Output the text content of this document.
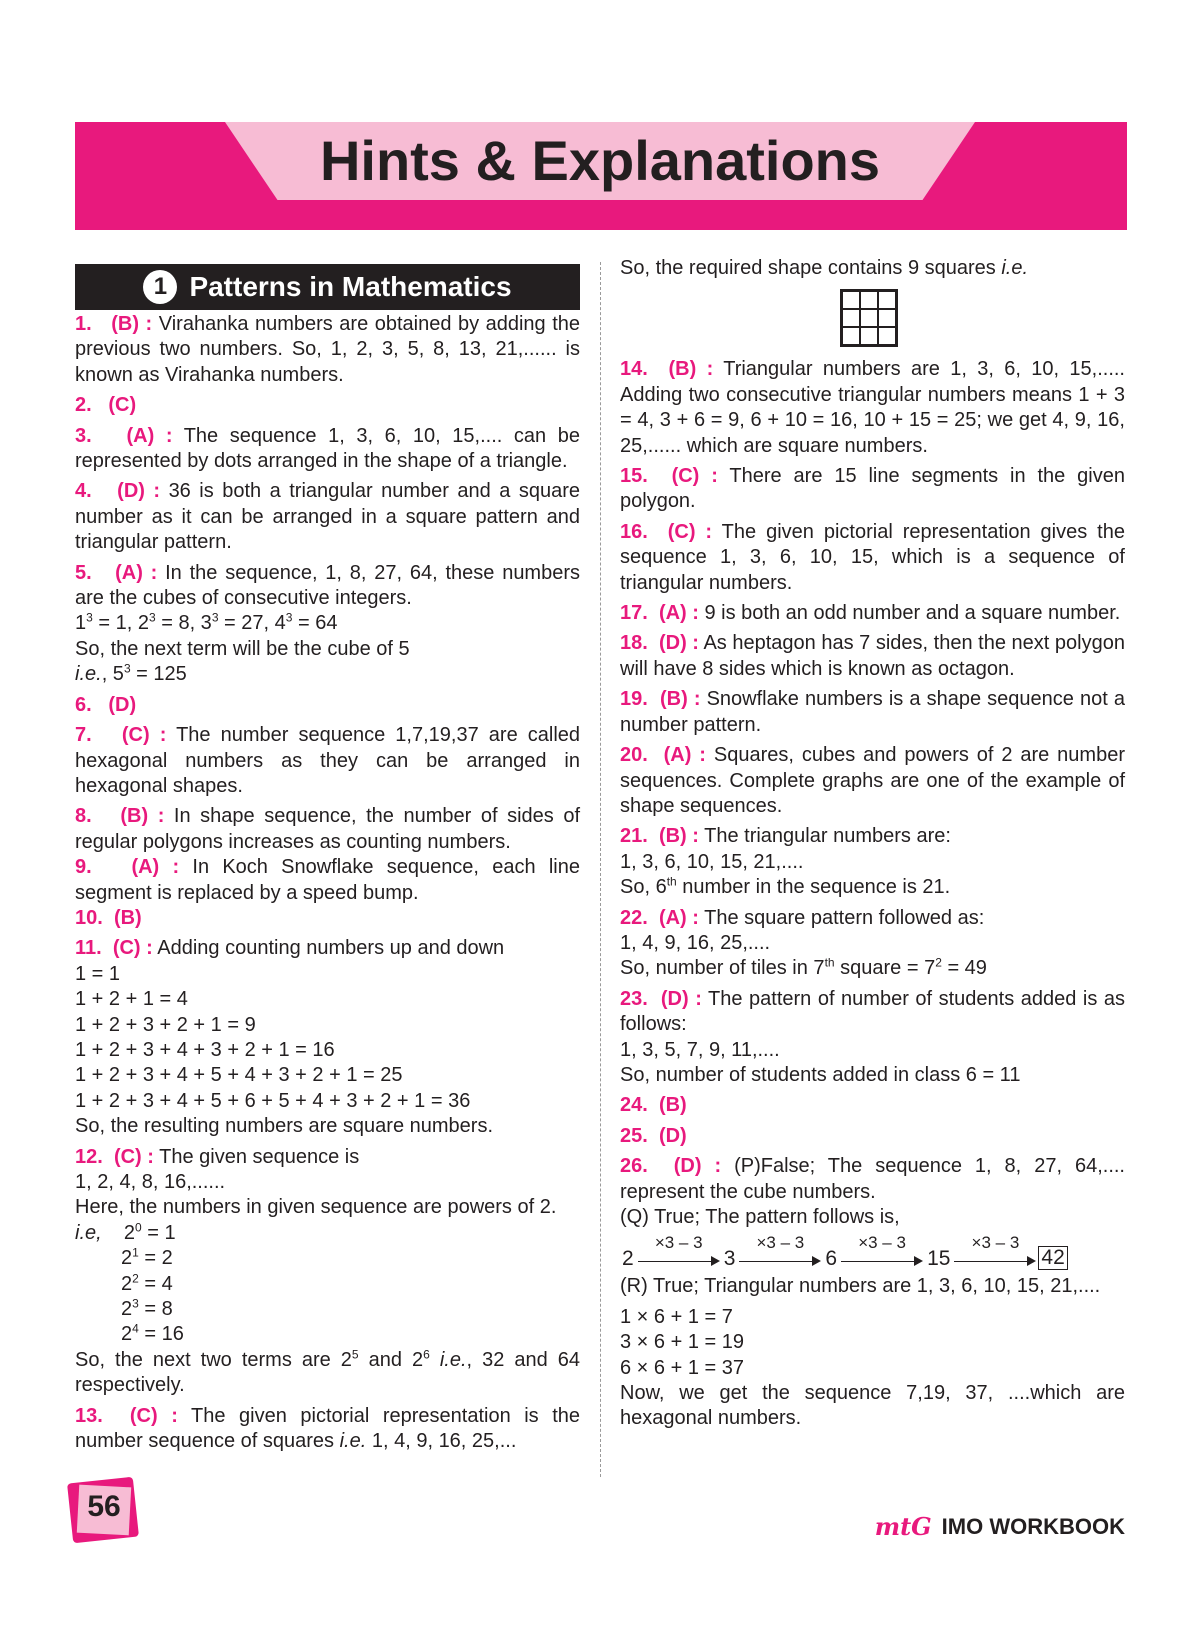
Hints & Explanations
1 Patterns in Mathematics

1. (B) : Virahanka numbers are obtained by adding the previous two numbers. So, 1, 2, 3, 5, 8, 13, 21,...... is known as Virahanka numbers.

2. (C)

3. (A) : The sequence 1, 3, 6, 10, 15,.... can be represented by dots arranged in the shape of a triangle.

4. (D) : 36 is both a triangular number and a square number as it can be arranged in a square pattern and triangular pattern.

5. (A) : In the sequence, 1, 8, 27, 64, these numbers are the cubes of consecutive integers.

$1^3 = 1$, $2^3 = 8$, $3^3 = 27$, $4^3 = 64$

So, the next term will be the cube of 5

i.e., $5^3 = 125$

6. (D)

7. (C) : The number sequence 1,7,19,37 are called hexagonal numbers as they can be arranged in hexagonal shapes.

8. (B) : In shape sequence, the number of sides of regular polygons increases as counting numbers.

9. (A) : In Koch Snowflake sequence, each line segment is replaced by a speed bump.

10. (B)

11. (C) : Adding counting numbers up and down

1 = 1

1 + 2 + 1 = 4

1 + 2 + 3 + 2 + 1 = 9

1 + 2 + 3 + 4 + 3 + 2 + 1 = 16

1 + 2 + 3 + 4 + 5 + 4 + 3 + 2 + 1 = 25

1 + 2 + 3 + 4 + 5 + 6 + 5 + 4 + 3 + 2 + 1 = 36

So, the resulting numbers are square numbers.

12. (C) : The given sequence is

1, 2, 4, 8, 16,......

Here, the numbers in given sequence are powers of 2.

i.e, $2^0 = 1$

$2^1 = 2$

$2^2 = 4$

$2^3 = 8$

$2^4 = 16$

So, the next two terms are $2^5$ and $2^6$ i.e., 32 and 64 respectively.

13. (C) : The given pictorial representation is the number sequence of squares i.e. 1, 4, 9, 16, 25,...

So, the required shape contains 9 squares i.e.

14. (B) : Triangular numbers are 1, 3, 6, 10, 15,..... Adding two consecutive triangular numbers means 1 + 3 = 4, 3 + 6 = 9, 6 + 10 = 16, 10 + 15 = 25; we get 4, 9, 16, 25,...... which are square numbers.

15. (C) : There are 15 line segments in the given polygon.

16. (C) : The given pictorial representation gives the sequence 1, 3, 6, 10, 15, which is a sequence of triangular numbers.

17. (A) : 9 is both an odd number and a square number.

18. (D) : As heptagon has 7 sides, then the next polygon will have 8 sides which is known as octagon.

19. (B) : Snowflake numbers is a shape sequence not a number pattern.

20. (A) : Squares, cubes and powers of 2 are number sequences. Complete graphs are one of the example of shape sequences.

21. (B) : The triangular numbers are:

1, 3, 6, 10, 15, 21,....

So, 6th number in the sequence is 21.

22. (A) : The square pattern followed as:

1, 4, 9, 16, 25,....

So, number of tiles in 7th square = $7^2 = 49$

23. (D) : The pattern of number of students added is as follows:

1, 3, 5, 7, 9, 11,....

So, number of students added in class 6 = 11

24. (B)

25. (D)

26. (D) : (P)False; The sequence 1, 8, 27, 64,.... represent the cube numbers.

(Q) True; The pattern follows is,

2
×3 – 3
3
×3 – 3
6
×3 – 3
15
×3 – 3
42

(R) True; Triangular numbers are 1, 3, 6, 10, 15, 21,....

1 × 6 + 1 = 7

3 × 6 + 1 = 19

6 × 6 + 1 = 37

Now, we get the sequence 7,19, 37, ....which are hexagonal numbers.

56
mtG IMO WORKBOOK
